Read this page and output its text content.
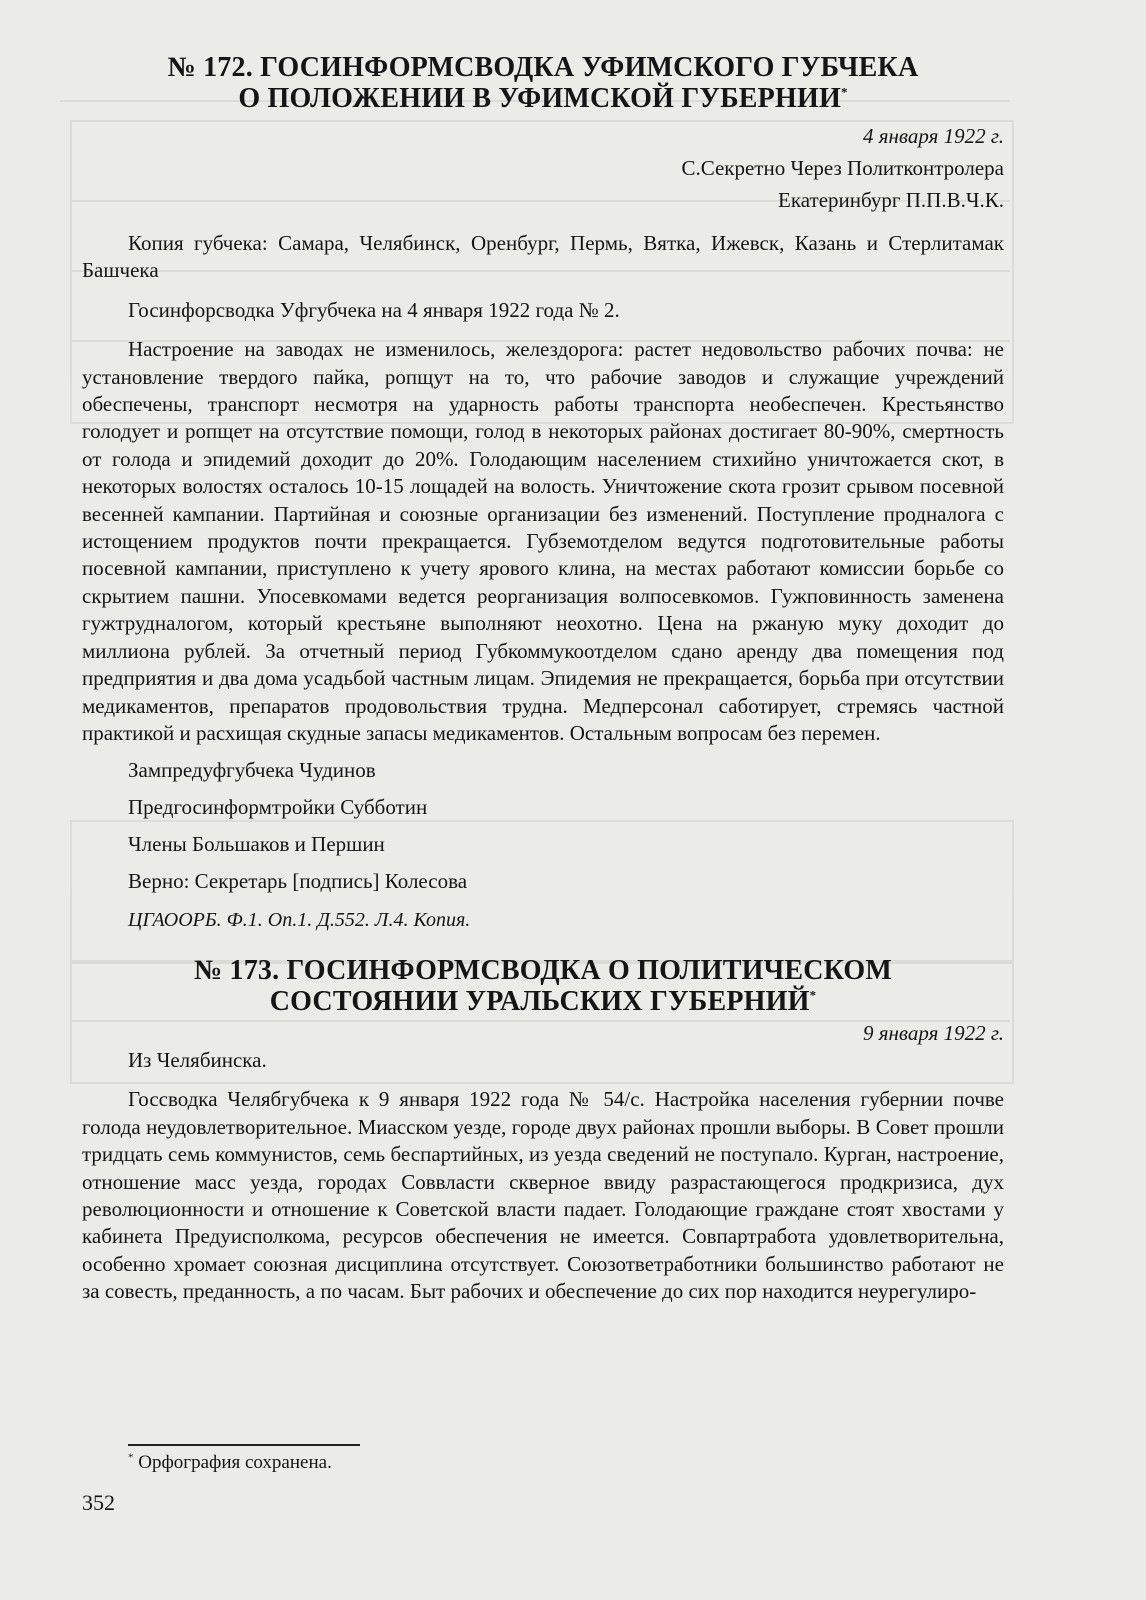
№ 172. ГОСИНФОРМСВОДКА УФИМСКОГО ГУБЧЕКА
О ПОЛОЖЕНИИ В УФИМСКОЙ ГУБЕРНИИ*
4 января 1922 г.
С.Секретно Через Политконтролера
Екатеринбург П.П.В.Ч.К.

Копия губчека: Самара, Челябинск, Оренбург, Пермь, Вятка, Ижевск, Казань и Стерлитамак Башчека

Госинфорсводка Уфгубчека на 4 января 1922 года № 2.

Настроение на заводах не изменилось, желездорога: растет недовольство рабочих почва: не установление твердого пайка, ропщут на то, что рабочие заводов и служащие учреждений обеспечены, транспорт несмотря на ударность работы транспорта необеспечен. Крестьянство голодует и ропщет на отсутствие помощи, голод в некоторых районах достигает 80-90%, смертность от голода и эпидемий доходит до 20%. Голодающим населением стихийно уничтожается скот, в некоторых волостях осталось 10-15 лощадей на волость. Уничтожение скота грозит срывом посевной весенней кампании. Партийная и союзные организации без изменений. Поступление продналога с истощением продуктов почти прекращается. Губземотделом ведутся подготовительные работы посевной кампании, приступлено к учету ярового клина, на местах работают комиссии борьбе со скрытием пашни. Упосевкомами ведется реорганизация волпосевкомов. Гужповинность заменена гужтрудналогом, который крестьяне выполняют неохотно. Цена на ржаную муку доходит до миллиона рублей. За отчетный период Губкоммукоотделом сдано аренду два помещения под предприятия и два дома усадьбой частным лицам. Эпидемия не прекращается, борьба при отсутствии медикаментов, препаратов продовольствия трудна. Медперсонал саботирует, стремясь частной практикой и расхищая скудные запасы медикаментов. Остальным вопросам без перемен.

Зампредуфгубчека Чудинов
Предгосинформтройки Субботин
Члены Большаков и Першин
Верно: Секретарь [подпись] Колесова
ЦГАООРБ. Ф.1. Оп.1. Д.552. Л.4. Копия.
№ 173. ГОСИНФОРМСВОДКА О ПОЛИТИЧЕСКОМ
СОСТОЯНИИ УРАЛЬСКИХ ГУБЕРНИЙ*
9 января 1922 г.
Из Челябинска.

Госсводка Челябгубчека к 9 января 1922 года № 54/с. Настройка населения губернии почве голода неудовлетворительное. Миасском уезде, городе двух районах прошли выборы. В Совет прошли тридцать семь коммунистов, семь беспартийных, из уезда сведений не поступало. Курган, настроение, отношение масс уезда, городах Соввласти скверное ввиду разрастающегося продкризиса, дух революционности и отношение к Советской власти падает. Голодающие граждане стоят хвостами у кабинета Предуисполкома, ресурсов обеспечения не имеется. Совпартработа удовлетворительна, особенно хромает союзная дисциплина отсутствует. Союзответработники большинство работают не за совесть, преданность, а по часам. Быт рабочих и обеспечение до сих пор находится неурегулиро-

* Орфография сохранена.
352
